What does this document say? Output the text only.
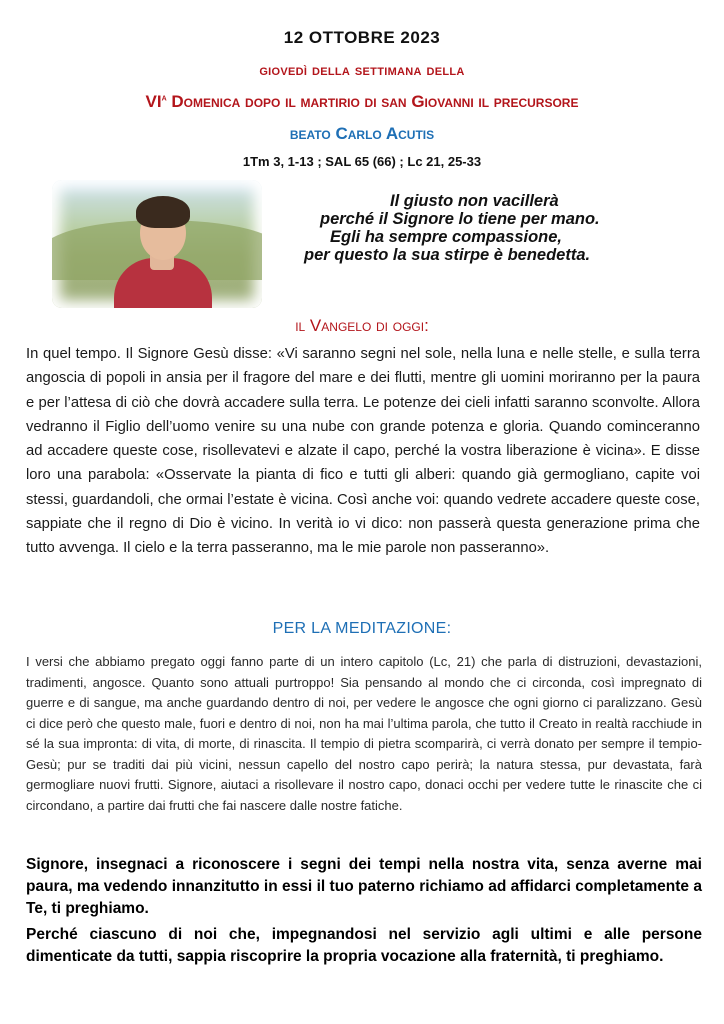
12 OTTOBRE 2023
giovedì della settimana della
$VI^a$ Domenica dopo il martirio di san Giovanni il precursore
beato Carlo Acutis
1Tm 3, 1-13 ; SAL 65 (66) ; Lc 21, 25-33
Il giusto non vacillerà
perché il Signore lo tiene per mano.
Egli ha sempre compassione,
per questo la sua stirpe è benedetta.
il Vangelo di oggi:
In quel tempo. Il Signore Gesù disse: «Vi saranno segni nel sole, nella luna e nelle stelle, e sulla terra angoscia di popoli in ansia per il fragore del mare e dei flutti, mentre gli uomini moriranno per la paura e per l’attesa di ciò che dovrà accadere sulla terra. Le potenze dei cieli infatti saranno sconvolte. Allora vedranno il Figlio dell’uomo venire su una nube con grande potenza e gloria. Quando cominceranno ad accadere queste cose, risollevatevi e alzate il capo, perché la vostra liberazione è vicina». E disse loro una parabola: «Osservate la pianta di fico e tutti gli alberi: quando già germogliano, capite voi stessi, guardandoli, che ormai l’estate è vicina. Così anche voi: quando vedrete accadere queste cose, sappiate che il regno di Dio è vicino. In verità io vi dico: non passerà questa generazione prima che tutto avvenga. Il cielo e la terra passeranno, ma le mie parole non passeranno».
PER LA MEDITAZIONE:
I versi che abbiamo pregato oggi fanno parte di un intero capitolo (Lc, 21) che parla di distruzioni, devastazioni, tradimenti, angosce. Quanto sono attuali purtroppo! Sia pensando al mondo che ci circonda, così impregnato di guerre e di sangue, ma anche guardando dentro di noi, per vedere le angosce che ogni giorno ci paralizzano. Gesù ci dice però che questo male, fuori e dentro di noi, non ha mai l’ultima parola, che tutto il Creato in realtà racchiude in sé la sua impronta: di vita, di morte, di rinascita. Il tempio di pietra scomparirà, ci verrà donato per sempre il tempio-Gesù; pur se traditi dai più vicini, nessun capello del nostro capo perirà; la natura stessa, pur devastata, farà germogliare nuovi frutti. Signore, aiutaci a risollevare il nostro capo, donaci occhi per vedere tutte le rinascite che ci circondano, a partire dai frutti che fai nascere dalle nostre fatiche.
Signore, insegnaci a riconoscere i segni dei tempi nella nostra vita, senza averne mai paura, ma vedendo innanzitutto in essi il tuo paterno richiamo ad affidarci completamente a Te, ti preghiamo.
Perché ciascuno di noi che, impegnandosi nel servizio agli ultimi e alle persone dimenticate da tutti, sappia riscoprire la propria vocazione alla fraternità, ti preghiamo.
